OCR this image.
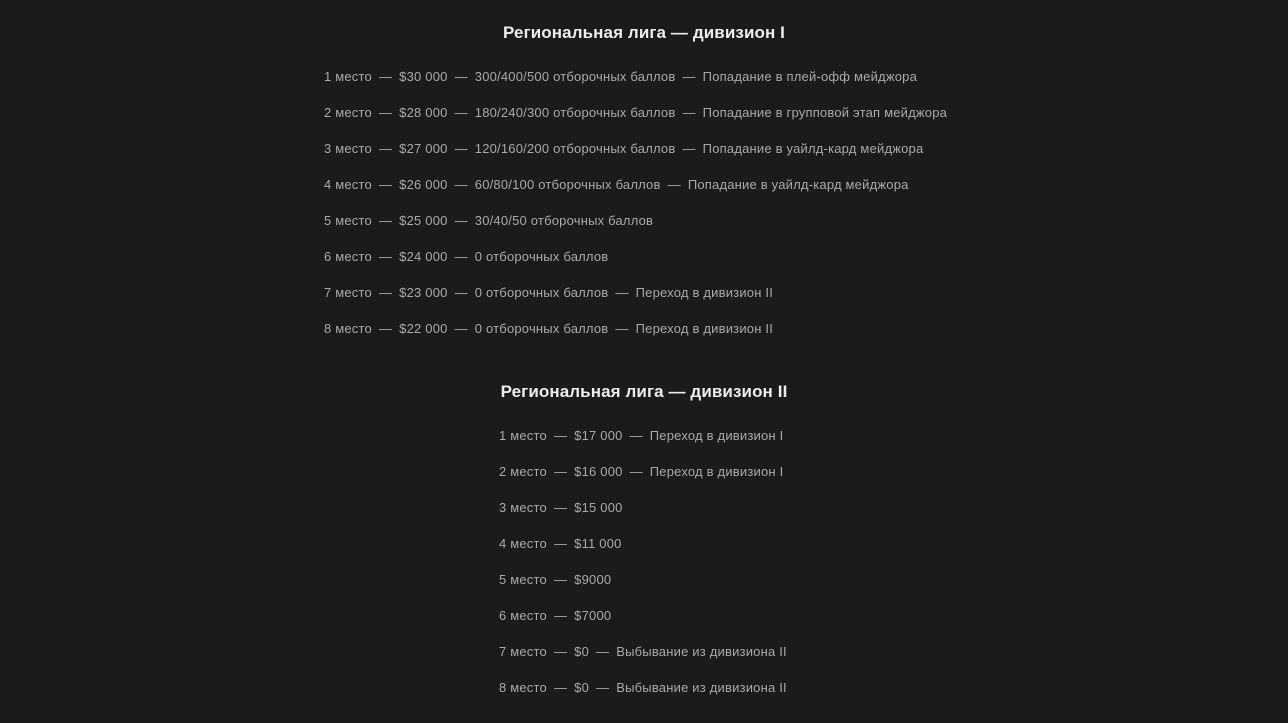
Региональная лига — дивизион I
1 место — $30 000 — 300/400/500 отборочных баллов — Попадание в плей-офф мейджора
2 место — $28 000 — 180/240/300 отборочных баллов — Попадание в групповой этап мейджора
3 место — $27 000 — 120/160/200 отборочных баллов — Попадание в уайлд-кард мейджора
4 место — $26 000 — 60/80/100 отборочных баллов — Попадание в уайлд-кард мейджора
5 место — $25 000 — 30/40/50 отборочных баллов
6 место — $24 000 — 0 отборочных баллов
7 место — $23 000 — 0 отборочных баллов — Переход в дивизион II
8 место — $22 000 — 0 отборочных баллов — Переход в дивизион II
Региональная лига — дивизион II
1 место — $17 000 — Переход в дивизион I
2 место — $16 000 — Переход в дивизион I
3 место — $15 000
4 место — $11 000
5 место — $9000
6 место — $7000
7 место — $0 — Выбывание из дивизиона II
8 место — $0 — Выбывание из дивизиона II
